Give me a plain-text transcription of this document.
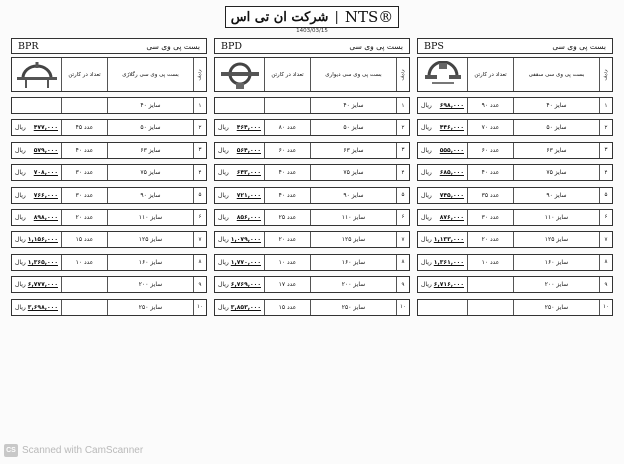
شرکت ان تی اس | NTS®
1403/03/15
BPS	بست پی وی سی
تعداد در کارتن	بست پی وی سی سقفی	ردیف
ریال ۶۹۸,۰۰۰	۹۰ عدد	سایز ۴۰	۱
ریال ۴۴۶,۰۰۰	۷۰ عدد	سایز ۵۰	۲
ریال ۵۵۵,۰۰۰	۶۰ عدد	سایز ۶۳	۳
ریال ۶۸۵,۰۰۰	۴۰ عدد	سایز ۷۵	۴
ریال ۷۴۵,۰۰۰	۳۵ عدد	سایز ۹۰	۵
ریال ۸۷۶,۰۰۰	۳۰ عدد	سایز ۱۱۰	۶
ریال ۱,۱۳۳,۰۰۰	۲۰ عدد	سایز ۱۲۵	۷
ریال ۱,۳۶۱,۰۰۰	۱۰ عدد	سایز ۱۶۰	۸
ریال ۶,۷۱۶,۰۰۰	سایز ۲۰۰	۹
سایز ۲۵۰	۱۰
BPD	بست پی وی سی
تعداد در کارتن	بست پی وی سی دیواری	ردیف
سایز ۴۰	۱
ریال ۴۶۴,۰۰۰	۸۰ عدد	سایز ۵۰	۲
ریال ۵۶۴,۰۰۰	۶۰ عدد	سایز ۶۳	۳
ریال ۶۴۳,۰۰۰	۴۰ عدد	سایز ۷۵	۴
ریال ۷۲۱,۰۰۰	۴۰ عدد	سایز ۹۰	۵
ریال ۸۵۶,۰۰۰	۲۵ عدد	سایز ۱۱۰	۶
ریال ۱,۰۷۹,۰۰۰	۲۰ عدد	سایز ۱۲۵	۷
ریال ۱,۷۷۰,۰۰۰	۱۰ عدد	سایز ۱۶۰	۸
ریال ۶,۷۶۹,۰۰۰	۱۷ عدد	سایز ۲۰۰	۹
ریال ۳,۸۵۳,۰۰۰	۱۵ عدد	سایز ۲۵۰	۱۰
BPR	بست پی وی سی
تعداد در کارتن	بست پی وی سی رگلاژی	ردیف
سایز ۴۰	۱
ریال ۴۷۷,۰۰۰	۴۵ عدد	سایز ۵۰	۲
ریال ۵۷۹,۰۰۰	۴۰ عدد	سایز ۶۳	۳
ریال ۷۰۸,۰۰۰	۳۰ عدد	سایز ۷۵	۴
ریال ۷۶۶,۰۰۰	۳۰ عدد	سایز ۹۰	۵
ریال ۸۹۸,۰۰۰	۲۰ عدد	سایز ۱۱۰	۶
ریال ۱,۱۵۶,۰۰۰	۱۵ عدد	سایز ۱۲۵	۷
ریال ۱,۳۶۵,۰۰۰	۱۰ عدد	سایز ۱۶۰	۸
ریال ۶,۷۷۷,۰۰۰	سایز ۲۰۰	۹
ریال ۳,۶۹۸,۰۰۰	سایز ۲۵۰	۱۰
CS Scanned with CamScanner
